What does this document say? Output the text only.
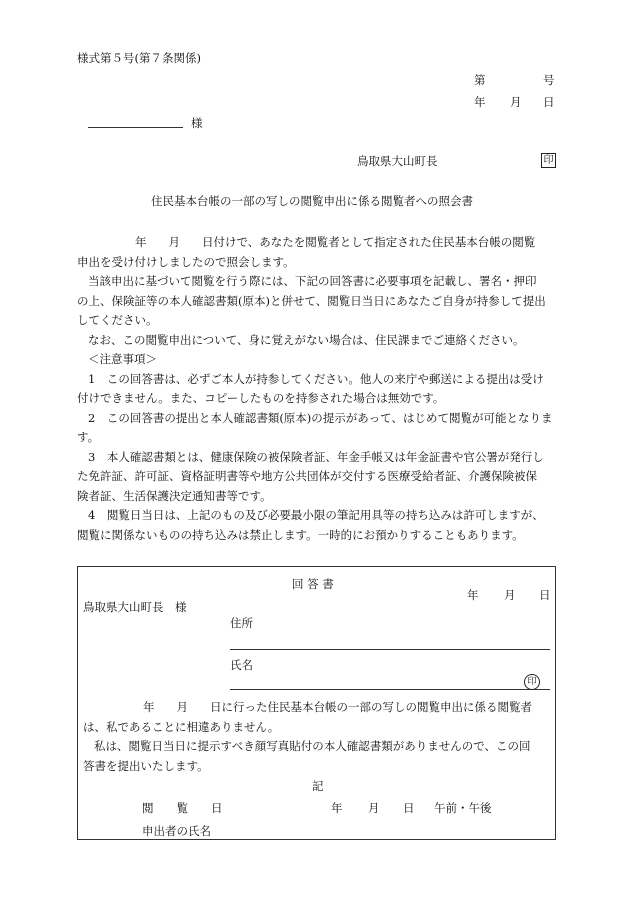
様式第５号(第７条関係)
第	号
年 月 日
様
鳥取県大山町長	印
住民基本台帳の一部の写しの閲覧申出に係る閲覧者への照会書
年 月 日付けで、あなたを閲覧者として指定された住民基本台帳の閲覧
申出を受け付けしましたので照会します。
当該申出に基づいて閲覧を行う際には、下記の回答書に必要事項を記載し、署名・押印
の上、保険証等の本人確認書類(原本)と併せて、閲覧日当日にあなたご自身が持参して提出
してください。
なお、この閲覧申出について、身に覚えがない場合は、住民課までご連絡ください。
＜注意事項＞
1　この回答書は、必ずご本人が持参してください。他人の来庁や郵送による提出は受け
付けできません。また、コピーしたものを持参された場合は無効です。
2　この回答書の提出と本人確認書類(原本)の提示があって、はじめて閲覧が可能となりま
す。
3　本人確認書類とは、健康保険の被保険者証、年金手帳又は年金証書や官公署が発行し
た免許証、許可証、資格証明書等や地方公共団体が交付する医療受給者証、介護保険被保
険者証、生活保護決定通知書等です。
4　閲覧日当日は、上記のもの及び必要最小限の筆記用具等の持ち込みは許可しますが、
閲覧に関係ないものの持ち込みは禁止します。一時的にお預かりすることもあります。
回 答 書
年 月 日
鳥取県大山町長　様
住所
氏名
印
年 月 日に行った住民基本台帳の一部の写しの閲覧申出に係る閲覧者
は、私であることに相違ありません。
私は、閲覧日当日に提示すべき顔写真貼付の本人確認書類がありませんので、この回
答書を提出いたします。
記
閲　　覧　　日	年 月 日 午前・午後
申出者の氏名
